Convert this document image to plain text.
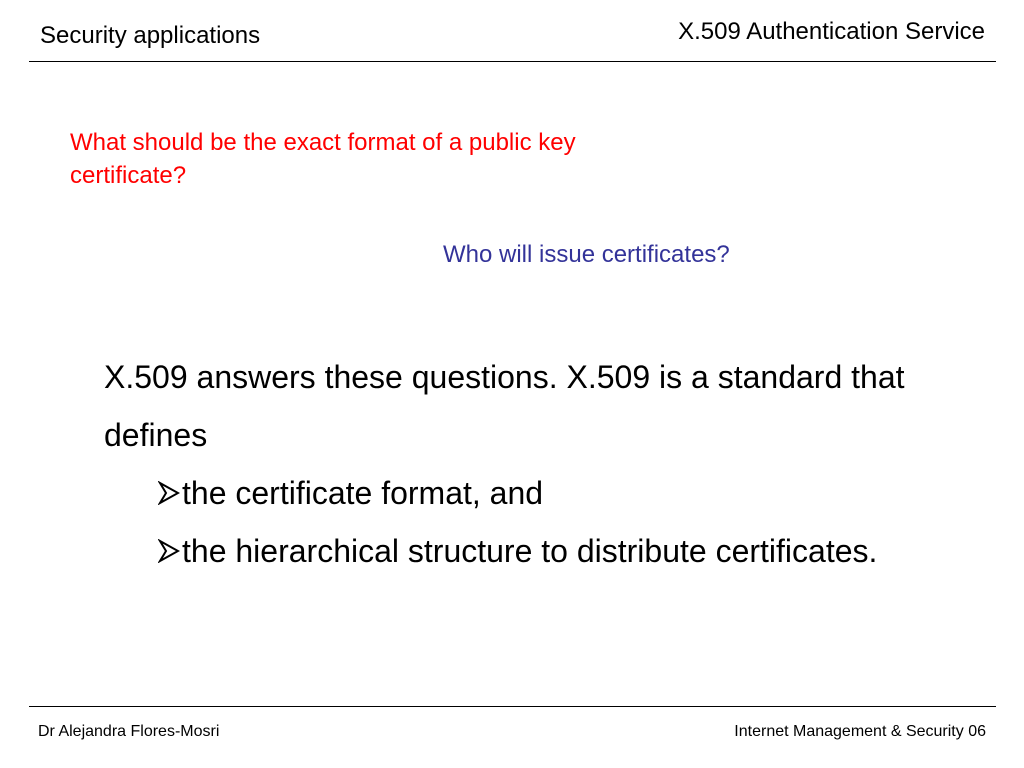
Security applications	X.509 Authentication Service
What should be the exact format of a public key certificate?
Who will issue certificates?
X.509 answers these questions. X.509 is a standard that defines
the certificate format, and
the hierarchical structure to distribute certificates.
Dr Alejandra Flores-Mosri	Internet Management & Security 06
